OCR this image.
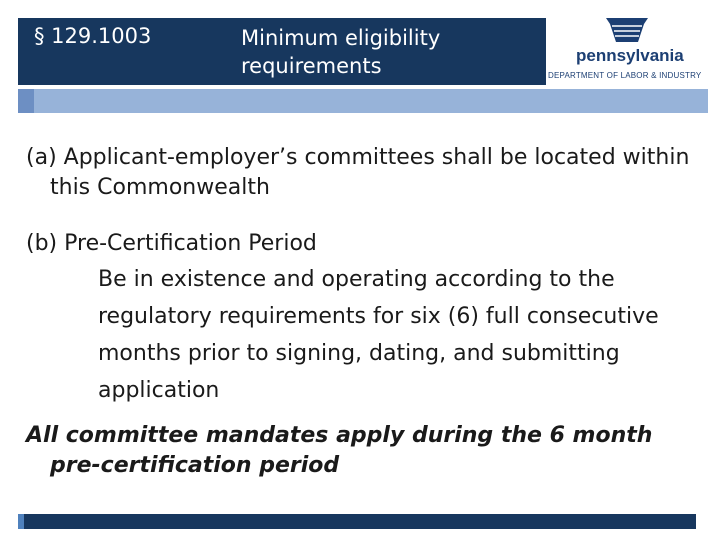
§ 129.1003	Minimum eligibility requirements	pennsylvania
DEPARTMENT OF LABOR & INDUSTRY

(a) Applicant-employer’s committees shall be located within this Commonwealth

(b) Pre-Certification Period
Be in existence and operating according to the regulatory requirements for six (6) full consecutive months prior to signing, dating, and submitting application

All committee mandates apply during the 6 month pre-certification period
